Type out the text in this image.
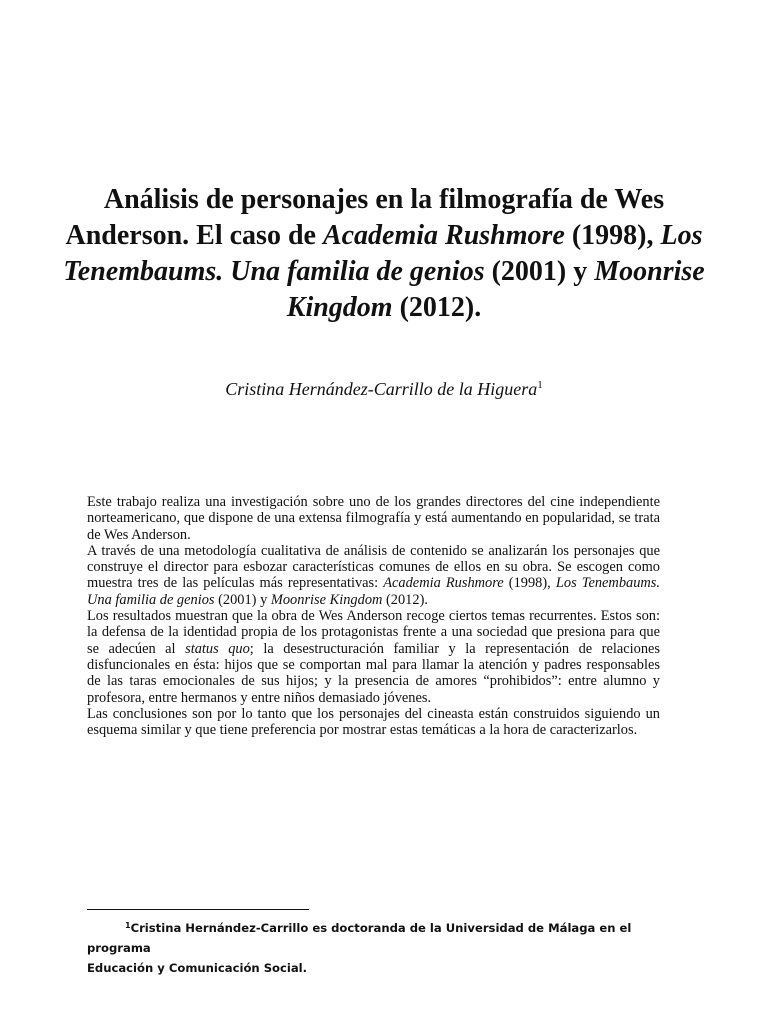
Análisis de personajes en la filmografía de Wes Anderson. El caso de Academia Rushmore (1998), Los Tenembaums. Una familia de genios (2001) y Moonrise Kingdom (2012).

Cristina Hernández-Carrillo de la Higuera$^1$

Este trabajo realiza una investigación sobre uno de los grandes directores del cine independiente norteamericano, que dispone de una extensa filmografía y está aumentando en popularidad, se trata de Wes Anderson.

A través de una metodología cualitativa de análisis de contenido se analizarán los personajes que construye el director para esbozar características comunes de ellos en su obra. Se escogen como muestra tres de las películas más representativas: Academia Rushmore (1998), Los Tenembaums. Una familia de genios (2001) y Moonrise Kingdom (2012).

Los resultados muestran que la obra de Wes Anderson recoge ciertos temas recurrentes. Estos son: la defensa de la identidad propia de los protagonistas frente a una sociedad que presiona para que se adecúen al status quo; la desestructuración familiar y la representación de relaciones disfuncionales en ésta: hijos que se comportan mal para llamar la atención y padres responsables de las taras emocionales de sus hijos; y la presencia de amores “prohibidos”: entre alumno y profesora, entre hermanos y entre niños demasiado jóvenes.

Las conclusiones son por lo tanto que los personajes del cineasta están construidos siguiendo un esquema similar y que tiene preferencia por mostrar estas temáticas a la hora de caracterizarlos.

$^1$Cristina Hernández-Carrillo es doctoranda de la Universidad de Málaga en el programa
Educación y Comunicación Social.
